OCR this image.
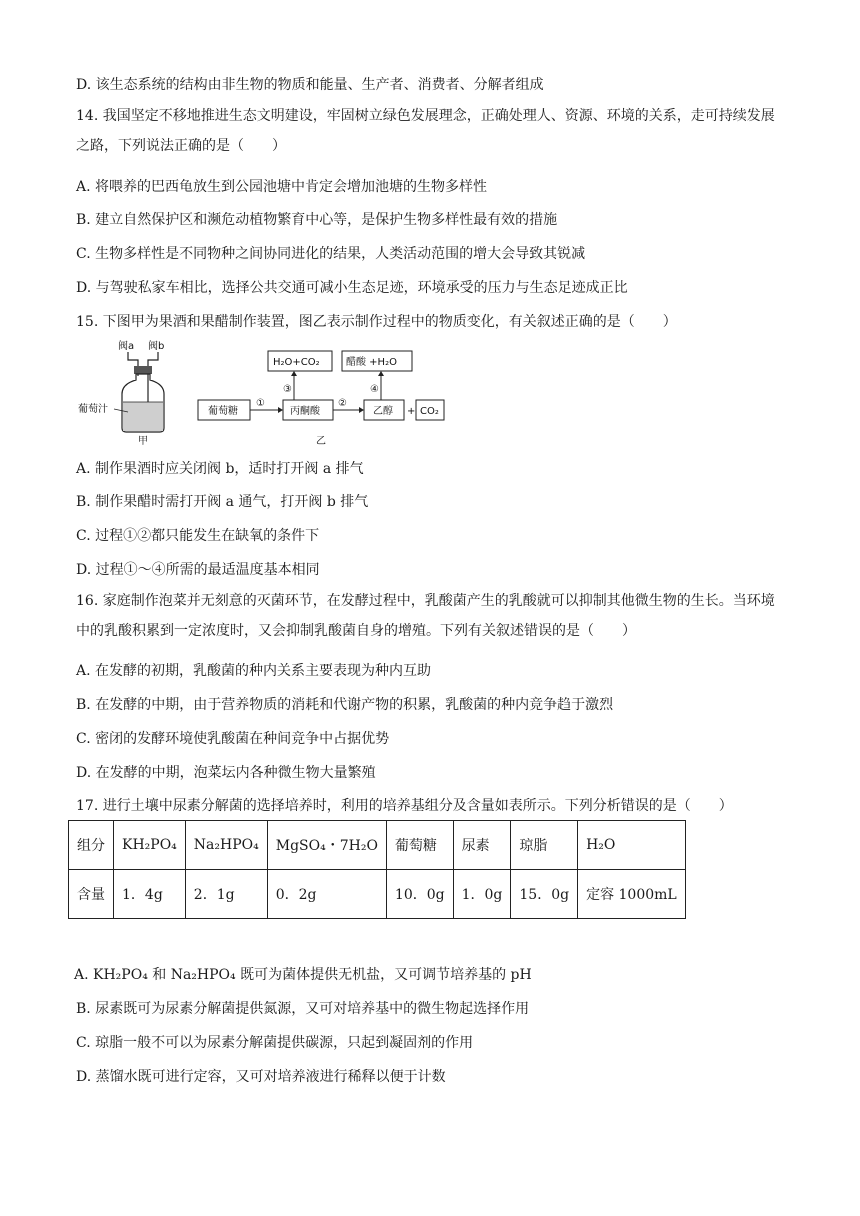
D. 该生态系统的结构由非生物的物质和能量、生产者、消费者、分解者组成
14. 我国坚定不移地推进生态文明建设，牢固树立绿色发展理念，正确处理人、资源、环境的关系，走可持续发展之路，下列说法正确的是（　　）
A. 将喂养的巴西龟放生到公园池塘中肯定会增加池塘的生物多样性
B. 建立自然保护区和濒危动植物繁育中心等，是保护生物多样性最有效的措施
C. 生物多样性是不同物种之间协同进化的结果，人类活动范围的增大会导致其锐减
D. 与驾驶私家车相比，选择公共交通可减小生态足迹，环境承受的压力与生态足迹成正比
15. 下图甲为果酒和果醋制作装置，图乙表示制作过程中的物质变化，有关叙述正确的是（　　）
阀a 阀b
葡萄汁
甲
葡萄糖
①
丙酮酸
②
乙醇 + CO₂
③
H₂O+CO₂
④
醋酸 +H₂O
乙
A. 制作果酒时应关闭阀 b，适时打开阀 a 排气
B. 制作果醋时需打开阀 a 通气，打开阀 b 排气
C. 过程①②都只能发生在缺氧的条件下
D. 过程①～④所需的最适温度基本相同
16. 家庭制作泡菜并无刻意的灭菌环节，在发酵过程中，乳酸菌产生的乳酸就可以抑制其他微生物的生长。当环境中的乳酸积累到一定浓度时，又会抑制乳酸菌自身的增殖。下列有关叙述错误的是（　　）
A. 在发酵的初期，乳酸菌的种内关系主要表现为种内互助
B. 在发酵的中期，由于营养物质的消耗和代谢产物的积累，乳酸菌的种内竞争趋于激烈
C. 密闭的发酵环境使乳酸菌在种间竞争中占据优势
D. 在发酵的中期，泡菜坛内各种微生物大量繁殖
17. 进行土壤中尿素分解菌的选择培养时，利用的培养基组分及含量如表所示。下列分析错误的是（　　）
组分	KH₂PO₄	Na₂HPO₄	MgSO₄・7H₂O	葡萄糖	尿素	琼脂	H₂O
含量	1．4g	2．1g	0．2g	10．0g	1．0g	15．0g	定容 1000mL
A. KH₂PO₄ 和 Na₂HPO₄ 既可为菌体提供无机盐，又可调节培养基的 pH
B. 尿素既可为尿素分解菌提供氮源，又可对培养基中的微生物起选择作用
C. 琼脂一般不可以为尿素分解菌提供碳源，只起到凝固剂的作用
D. 蒸馏水既可进行定容，又可对培养液进行稀释以便于计数
